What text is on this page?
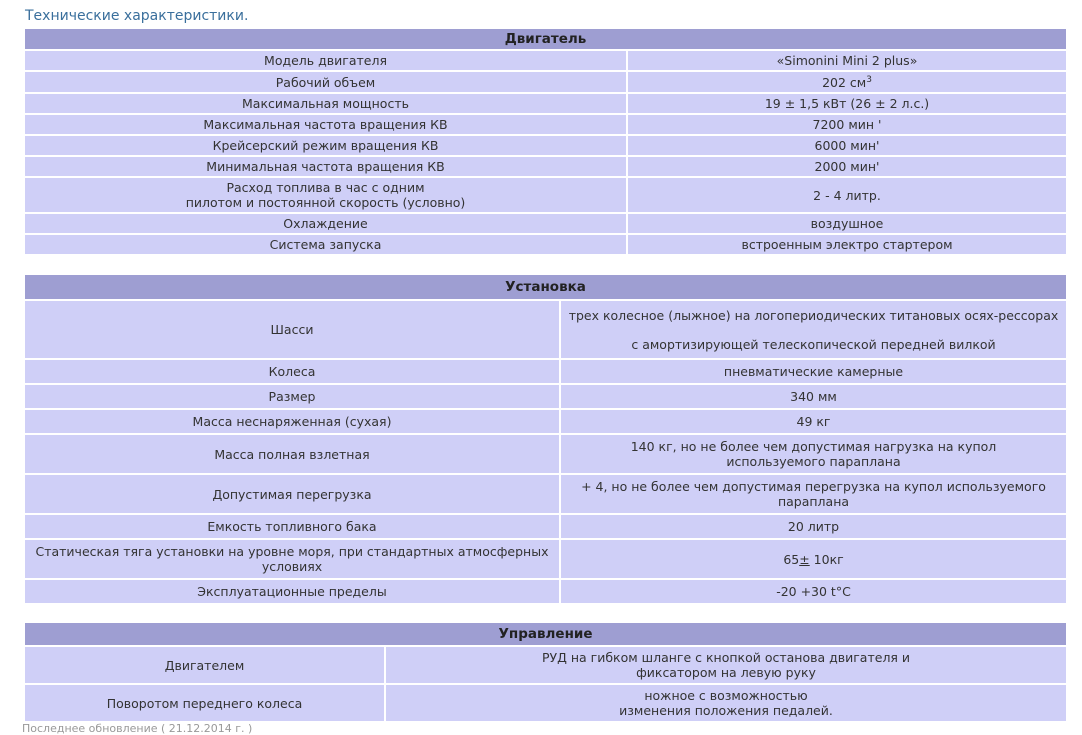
Технические характеристики.
Двигатель	
Модель двигателя	«Simonini Mini 2 plus»
Рабочий объем	202 $см^3$
Максимальная мощность	19 ± 1,5 кВт (26 ± 2 л.с.)
Максимальная частота вращения КВ	7200 мин '
Крейсерский режим вращения КВ	6000 мин'
Минимальная частота вращения КВ	2000 мин'

Расход топлива в час с одним
пилотом и постоянной скорость (условно)	2 - 4 литр.
Охлаждение	воздушное
Система запуска	встроенным электро стартером
Установка	
Шасси	трех колесное (лыжное) на логопериодических титановых осях-рессорах
с амортизирующей телескопической передней вилкой

Колеса	пневматические камерные
Размер	340 мм
Масса неснаряженная (сухая)	49 кг
Масса полная взлетная	140 кг, но не более чем допустимая нагрузка на купол
используемого параплана

Допустимая перегрузка	+ 4, но не более чем допустимая перегрузка на купол используемого
параплана

Емкость топливного бака	20 литр

Статическая тяга установки на уровне моря, при стандартных атмосферных
условиях	65± 10кг
Эксплуатационные пределы	-20 +30 t°C
Управление	
Двигателем	РУД на гибком шланге с кнопкой останова двигателя и
фиксатором на левую руку

Поворотом переднего колеса	ножное с возможностью
изменения положения педалей.
Последнее обновление ( 21.12.2014 г. )
